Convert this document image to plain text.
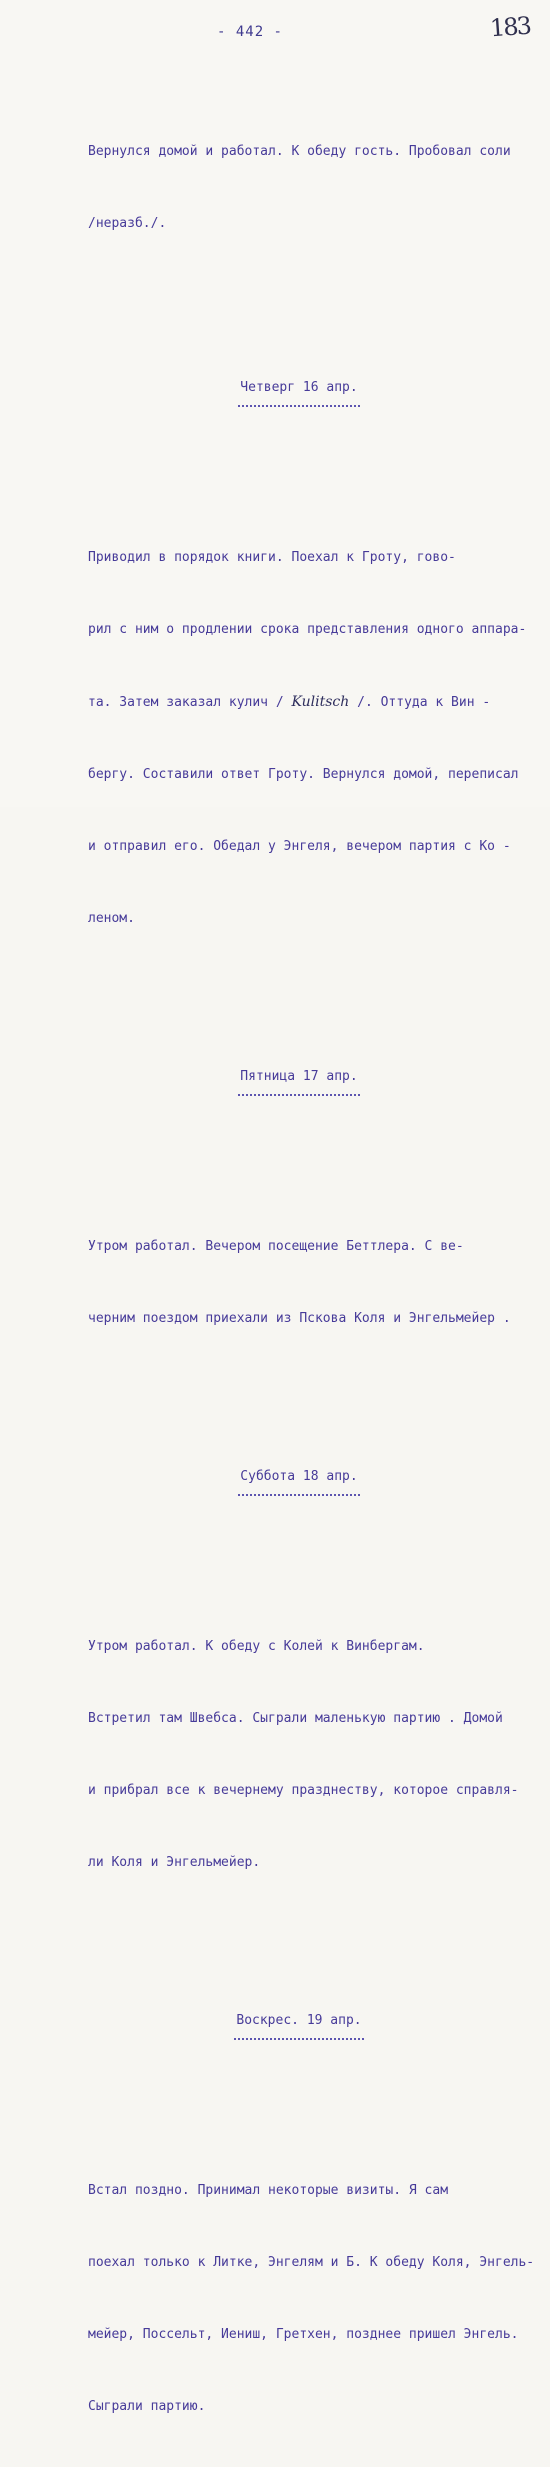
- 442 -	183

Вернулся домой и работал. К обеду гость. Пробовал соли

/неразб./.

Четверг 16 апр.

Приводил в порядок книги. Поехал к Гроту, гово-

рил с ним о продлении срока представления одного аппара-

та. Затем заказал кулич / Kulitsch /. Оттуда к Вин -

бергу. Составили ответ Гроту. Вернулся домой, переписал

и отправил его. Обедал у Энгеля, вечером партия с Ко -

леном.

Пятница 17 апр.

Утром работал. Вечером посещение Беттлера. С ве-

черним поездом приехали из Пскова Коля и Энгельмейер .

Суббота 18 апр.

Утром работал. К обеду с Колей к Винбергам.

Встретил там Швебса. Сыграли маленькую партию . Домой

и прибрал все к вечернему празднеству, которое справля-

ли Коля и Энгельмейер.

Воскрес. 19 апр.

Встал поздно. Принимал некоторые визиты. Я сам

поехал только к Литке, Энгелям и Б. К обеду Коля, Энгель-

мейер, Поссельт, Иениш, Гретхен, позднее пришел Энгель.

Сыграли партию.
